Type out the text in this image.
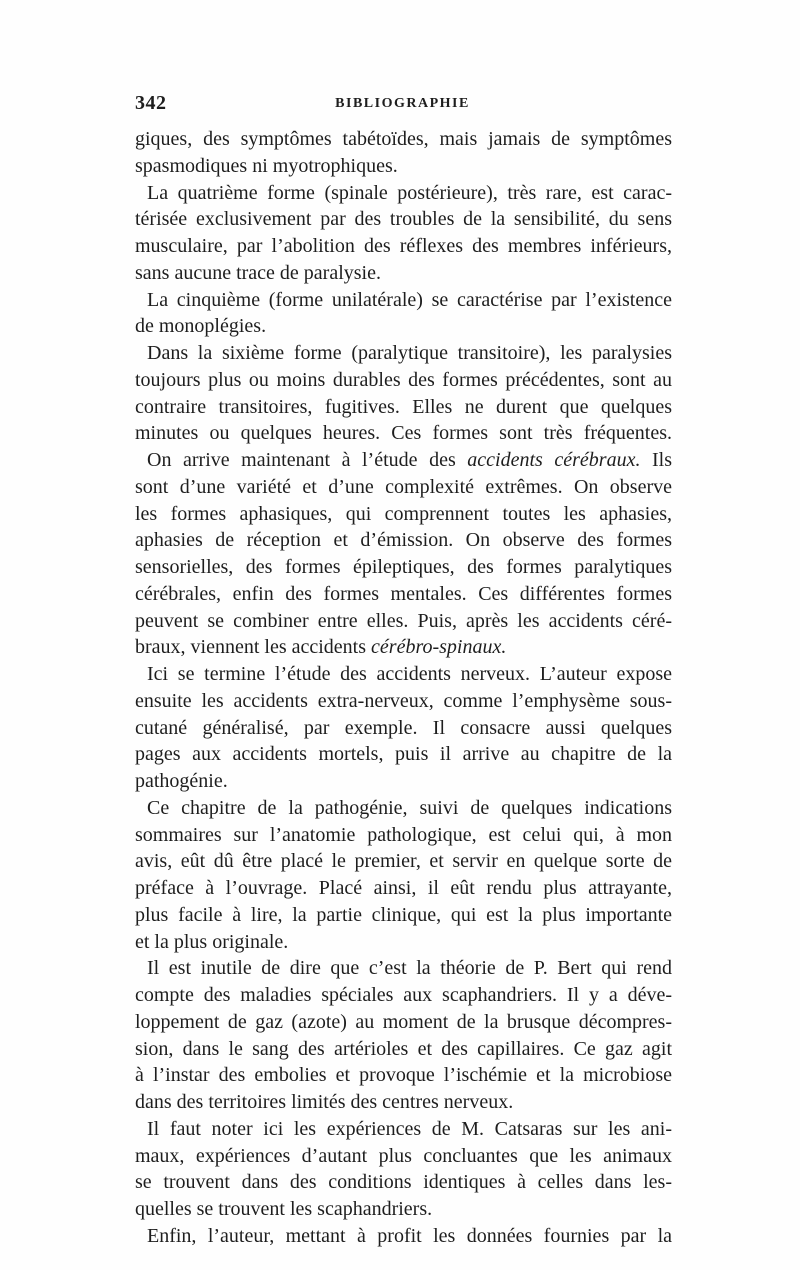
342	BIBLIOGRAPHIE
giques, des symptômes tabétoïdes, mais jamais de symptômes
spasmodiques ni myotrophiques.
La quatrième forme (spinale postérieure), très rare, est carac-
térisée exclusivement par des troubles de la sensibilité, du sens
musculaire, par l’abolition des réflexes des membres inférieurs,
sans aucune trace de paralysie.
La cinquième (forme unilatérale) se caractérise par l’existence
de monoplégies.
Dans la sixième forme (paralytique transitoire), les paralysies
toujours plus ou moins durables des formes précédentes, sont au
contraire transitoires, fugitives. Elles ne durent que quelques
minutes ou quelques heures. Ces formes sont très fréquentes.
On arrive maintenant à l’étude des accidents cérébraux. Ils
sont d’une variété et d’une complexité extrêmes. On observe
les formes aphasiques, qui comprennent toutes les aphasies,
aphasies de réception et d’émission. On observe des formes
sensorielles, des formes épileptiques, des formes paralytiques
cérébrales, enfin des formes mentales. Ces différentes formes
peuvent se combiner entre elles. Puis, après les accidents céré-
braux, viennent les accidents cérébro-spinaux.
Ici se termine l’étude des accidents nerveux. L’auteur expose
ensuite les accidents extra-nerveux, comme l’emphysème sous-
cutané généralisé, par exemple. Il consacre aussi quelques
pages aux accidents mortels, puis il arrive au chapitre de la
pathogénie.
Ce chapitre de la pathogénie, suivi de quelques indications
sommaires sur l’anatomie pathologique, est celui qui, à mon
avis, eût dû être placé le premier, et servir en quelque sorte de
préface à l’ouvrage. Placé ainsi, il eût rendu plus attrayante,
plus facile à lire, la partie clinique, qui est la plus importante
et la plus originale.
Il est inutile de dire que c’est la théorie de P. Bert qui rend
compte des maladies spéciales aux scaphandriers. Il y a déve-
loppement de gaz (azote) au moment de la brusque décompres-
sion, dans le sang des artérioles et des capillaires. Ce gaz agit
à l’instar des embolies et provoque l’ischémie et la microbiose
dans des territoires limités des centres nerveux.
Il faut noter ici les expériences de M. Catsaras sur les ani-
maux, expériences d’autant plus concluantes que les animaux
se trouvent dans des conditions identiques à celles dans les-
quelles se trouvent les scaphandriers.
Enfin, l’auteur, mettant à profit les données fournies par la
